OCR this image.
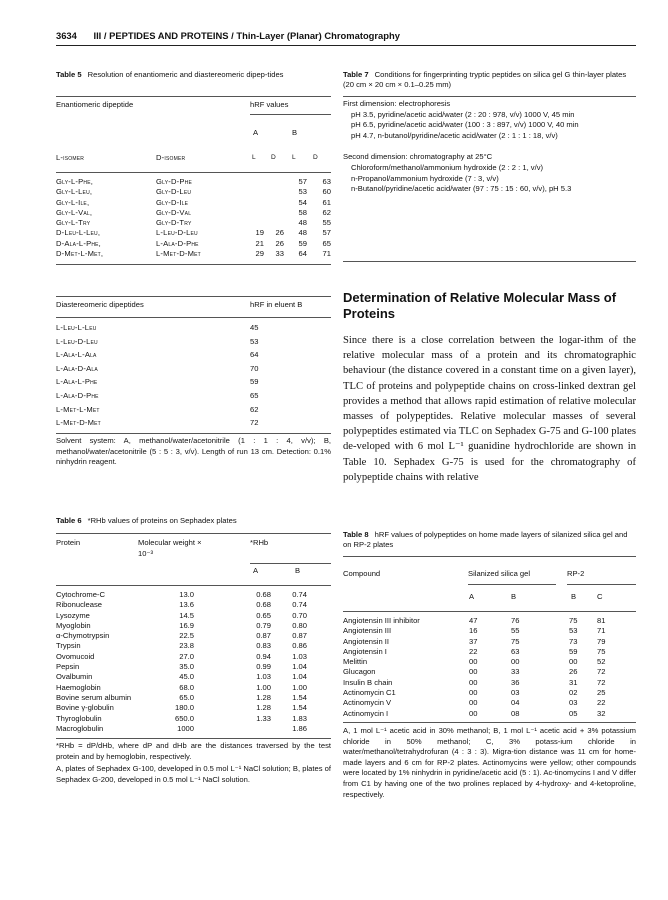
3634 III / PEPTIDES AND PROTEINS / Thin-Layer (Planar) Chromatography
Table 5 Resolution of enantiomeric and diastereomeric dipep-tides
Enantiomeric dipeptide	hRF values
A	B
L-isomer	D-isomer	L D L	D
Gly-L-Phe,	Gly-D-Phe			57	63
Gly-L-Leu,	Gly-D-Leu			53	60
Gly-L-Ile,	Gly-D-Ile			54	61
Gly-L-Val,	Gly-D-Val			58	62
Gly-L-Try	Gly-D-Try			48	55
D-Leu-L-Leu,	L-Leu-D-Leu	19	26	48	57
D-Ala-L-Phe,	L-Ala-D-Phe	21	26	59	65
D-Met-L-Met,	L-Met-D-Met	29	33	64	71
Diastereomeric dipeptides	hRF in eluent B
L-Leu-L-Leu	45
L-Leu-D-Leu	53
L-Ala-L-Ala	64
L-Ala-D-Ala	70
L-Ala-L-Phe	59
L-Ala-D-Phe	65
L-Met-L-Met	62
L-Met-D-Met	72
Solvent system: A, methanol/water/acetonitrile (1 : 1 : 4, v/v); B, methanol/water/acetonitrile (5 : 5 : 3, v/v). Length of run 13 cm. Detection: 0.1% ninhydrin reagent.
Table 6 *RHb values of proteins on Sephadex plates
Protein	Molecular weight × 10⁻³
*RHb
A	B
Cytochrome-C	13.0		0.68	0.74	
Ribonuclease	13.6		0.68	0.74	
Lysozyme	14.5		0.65	0.70	
Myoglobin	16.9		0.79	0.80	
α-Chymotrypsin	22.5		0.87	0.87	
Trypsin	23.8		0.83	0.86	
Ovomucoid	27.0		0.94	1.03	
Pepsin	35.0		0.99	1.04	
Ovalbumin	45.0		1.03	1.04	
Haemoglobin	68.0		1.00	1.00	
Bovine serum albumin	65.0		1.28	1.54	
Bovine γ-globulin	180.0		1.28	1.54	
Thyroglobulin	650.0		1.33	1.83	
Macroglobulin	1000			1.86	
*RHb = dP/dHb, where dP and dHb are the distances traversed by the test protein and by hemoglobin, respectively.
A, plates of Sephadex G-100, developed in 0.5 mol L⁻¹ NaCl solution; B, plates of Sephadex G-200, developed in 0.5 mol L⁻¹ NaCl solution.
Table 7 Conditions for fingerprinting tryptic peptides on silica gel G thin-layer plates (20 cm × 20 cm × 0.1–0.25 mm)
First dimension: electrophoresis
pH 3.5, pyridine/acetic acid/water (2 : 20 : 978, v/v) 1000 V, 45 min
pH 6.5, pyridine/acetic acid/water (100 : 3 : 897, v/v) 1000 V, 40 min
pH 4.7, n-butanol/pyridine/acetic acid/water (2 : 1 : 1 : 18, v/v)
Second dimension: chromatography at 25°C
Chloroform/methanol/ammonium hydroxide (2 : 2 : 1, v/v)
n-Propanol/ammonium hydroxide (7 : 3, v/v)
n-Butanol/pyridine/acetic acid/water (97 : 75 : 15 : 60, v/v), pH 5.3
Determination of Relative Molecular Mass of Proteins
Since there is a close correlation between the logar-ithm of the relative molecular mass of a protein and its chromatographic behaviour (the distance covered in a constant time on a given layer), TLC of proteins and polypeptide chains on cross-linked dextran gel provides a method that allows rapid estimation of relative molecular masses of polypeptides. Relative molecular masses of several polypeptides estimated via TLC on Sephadex G-75 and G-100 plates de-veloped with 6 mol L⁻¹ guanidine hydrochloride are shown in Table 10. Sephadex G-75 is used for the chromatography of polypeptide chains with relative
Table 8 hRF values of polypeptides on home made layers of silanized silica gel and on RP-2 plates
Compound	Silanized silica gel	RP-2
A	B	B	C
Angiotensin III inhibitor	47	76	75	81
Angiotensin III	16	55	53	71
Angiotensin II	37	75	73	79
Angiotensin I	22	63	59	75
Melittin	00	00	00	52
Glucagon	00	33	26	72
Insulin B chain	00	36	31	72
Actinomycin C1	00	03	02	25
Actinomycin V	00	04	03	22
Actinomycin I	00	08	05	32
A, 1 mol L⁻¹ acetic acid in 30% methanol; B, 1 mol L⁻¹ acetic acid + 3% potassium chloride in 50% methanol; C, 3% potass-ium chloride in water/methanol/tetrahydrofuran (4 : 3 : 3). Migra-tion distance was 11 cm for home-made layers and 6 cm for RP-2 plates. Actinomycins were yellow; other compounds were located by 1% ninhydrin in pyridine/acetic acid (5 : 1). Ac-tinomycins I and V differ from C1 by having one of the two prolines replaced by 4-hydroxy- and 4-ketoproline, respectively.
